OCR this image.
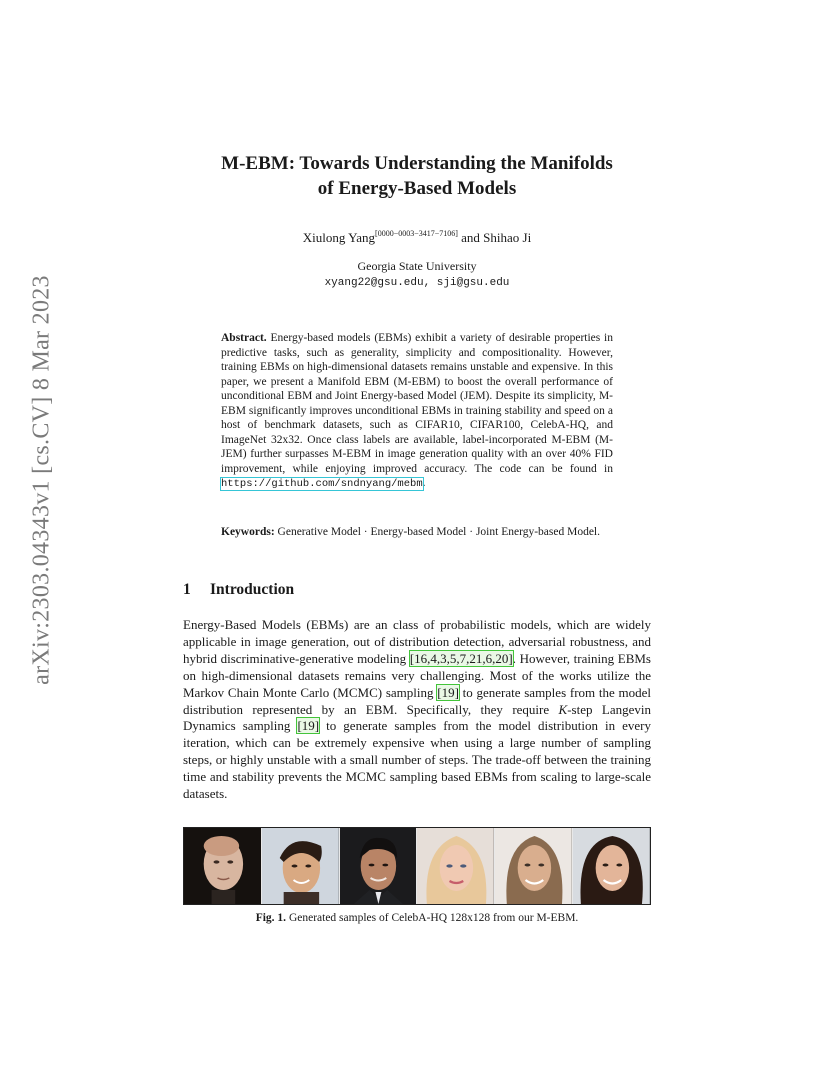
arXiv:2303.04343v1 [cs.CV] 8 Mar 2023
M-EBM: Towards Understanding the Manifolds
of Energy-Based Models
Xiulong Yang[0000−0003−3417−7106] and Shihao Ji
Georgia State University
xyang22@gsu.edu, sji@gsu.edu
Abstract. Energy-based models (EBMs) exhibit a variety of desirable properties in predictive tasks, such as generality, simplicity and compositionality. However, training EBMs on high-dimensional datasets remains unstable and expensive. In this paper, we present a Manifold EBM (M-EBM) to boost the overall performance of unconditional EBM and Joint Energy-based Model (JEM). Despite its simplicity, M-EBM significantly improves unconditional EBMs in training stability and speed on a host of benchmark datasets, such as CIFAR10, CIFAR100, CelebA-HQ, and ImageNet 32x32. Once class labels are available, label-incorporated M-EBM (M-JEM) further surpasses M-EBM in image generation quality with an over 40% FID improvement, while enjoying improved accuracy. The code can be found in https://github.com/sndnyang/mebm.
Keywords: Generative Model · Energy-based Model · Joint Energy-based Model.
1 Introduction
Energy-Based Models (EBMs) are an class of probabilistic models, which are widely applicable in image generation, out of distribution detection, adversarial robustness, and hybrid discriminative-generative modeling [16,4,3,5,7,21,6,20]. However, training EBMs on high-dimensional datasets remains very challenging. Most of the works utilize the Markov Chain Monte Carlo (MCMC) sampling [19] to generate samples from the model distribution represented by an EBM. Specifically, they require K-step Langevin Dynamics sampling [19] to generate samples from the model distribution in every iteration, which can be extremely expensive when using a large number of sampling steps, or highly unstable with a small number of steps. The trade-off between the training time and stability prevents the MCMC sampling based EBMs from scaling to large-scale datasets.
Fig. 1. Generated samples of CelebA-HQ 128x128 from our M-EBM.
